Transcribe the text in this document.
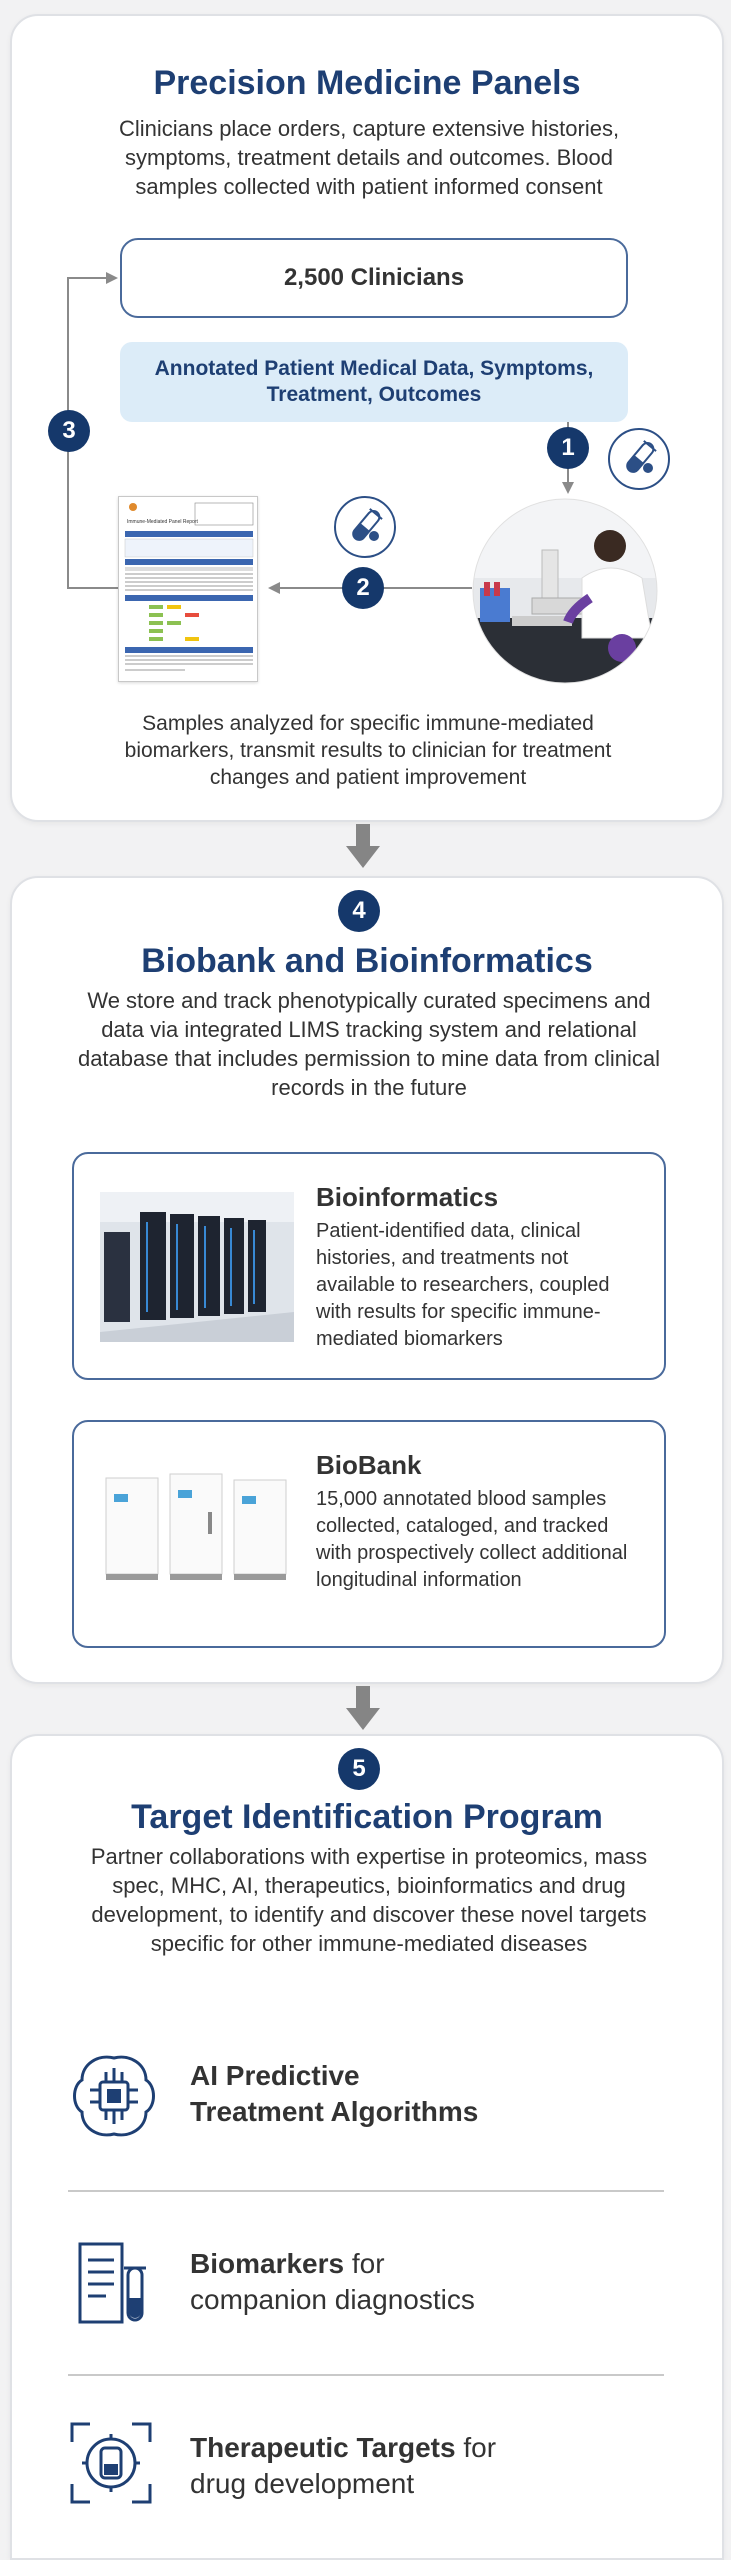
Precision Medicine Panels
Clinicians place orders, capture extensive histories, symptoms, treatment details and outcomes. Blood samples collected with patient informed consent
2,500 Clinicians
Annotated Patient Medical Data, Symptoms, Treatment, Outcomes
3
1
2
Immune-Mediated Panel Report
Samples analyzed for specific immune-mediated biomarkers, transmit results to clinician for treatment changes and patient improvement
4
Biobank and Bioinformatics
We store and track phenotypically curated specimens and data via integrated LIMS tracking system and relational database that includes permission to mine data from clinical records in the future
Bioinformatics
Patient-identified data, clinical histories, and treatments not available to researchers, coupled with results for specific immune-mediated biomarkers
BioBank
15,000 annotated blood samples collected, cataloged, and tracked with prospectively collect additional longitudinal information
5
Target Identification Program
Partner collaborations with expertise in proteomics, mass spec, MHC, AI, therapeutics, bioinformatics and drug development, to identify and discover these novel targets specific for other immune-mediated diseases
AI Predictive
Treatment Algorithms
Biomarkers for
companion diagnostics
Therapeutic Targets for
drug development
